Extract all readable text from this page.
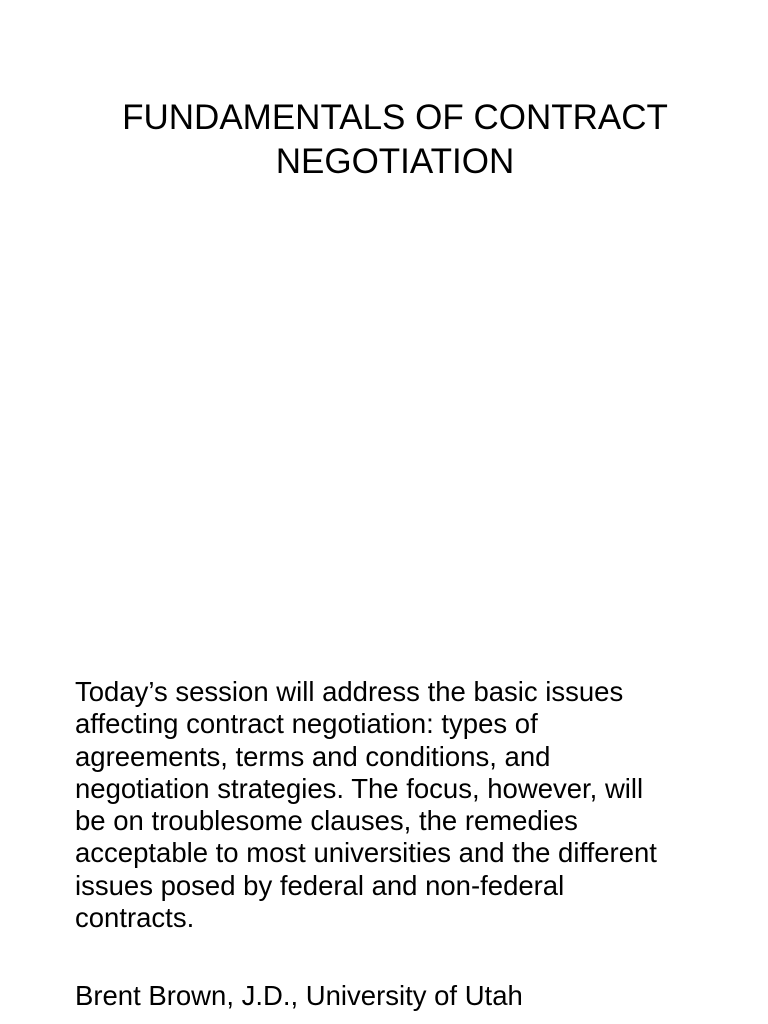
FUNDAMENTALS OF CONTRACT
NEGOTIATION

Today’s session will address the basic issues
affecting contract negotiation: types of
agreements, terms and conditions, and
negotiation strategies. The focus, however, will
be on troublesome clauses, the remedies
acceptable to most universities and the different
issues posed by federal and non-federal
contracts.

Brent Brown, J.D., University of Utah
